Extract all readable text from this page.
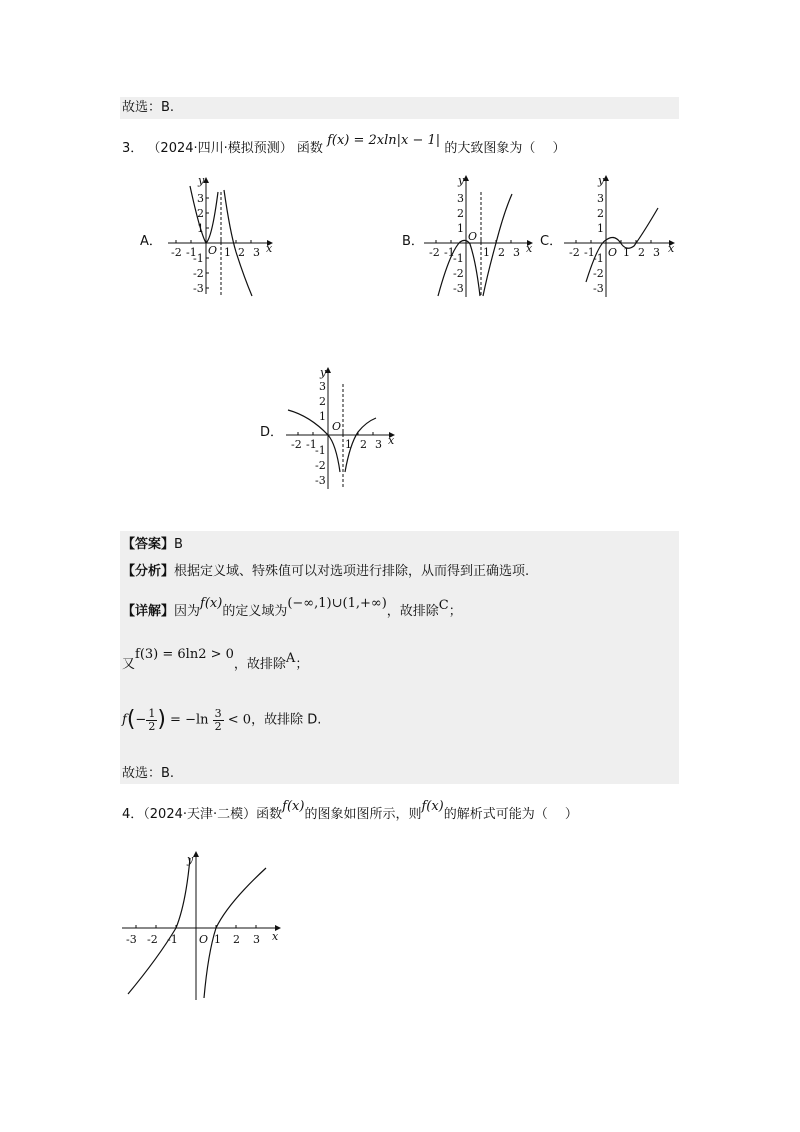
故选：B.
3． （2024·四川·模拟预测） 函数 f(x) = 2xln|x − 1| 的大致图象为（　 ）
A．	B．	C．
D．
y
x
O
-2 -1 1 2 3
3
2
1
-1
-2
-3
y
x
O
-2 -1	1 2 3
3
2
1
-1
-2
-3
y
x
O
-2 -1	1 2 3
3
2
1
-1
-2
-3
y
x
O
-2 -1	1 2 3
3
2
1
-1
-2
-3
【答案】B
【分析】根据定义域、特殊值可以对选项进行排除，从而得到正确选项.
【详解】因为f(x)的定义域为(−∞,1)∪(1,+∞)，故排除C；
又f(3) = 6ln2 > 0，故排除A；
$f(- \frac{1}{2}$ ) = $-\ln \frac{3}{2} < 0$，故排除 D.
故选：B.
4．（2024·天津·二模）函数f(x)的图象如图所示，则f(x)的解析式可能为（　 ）
y
x
O
-3 -2 -1	1 2 3
